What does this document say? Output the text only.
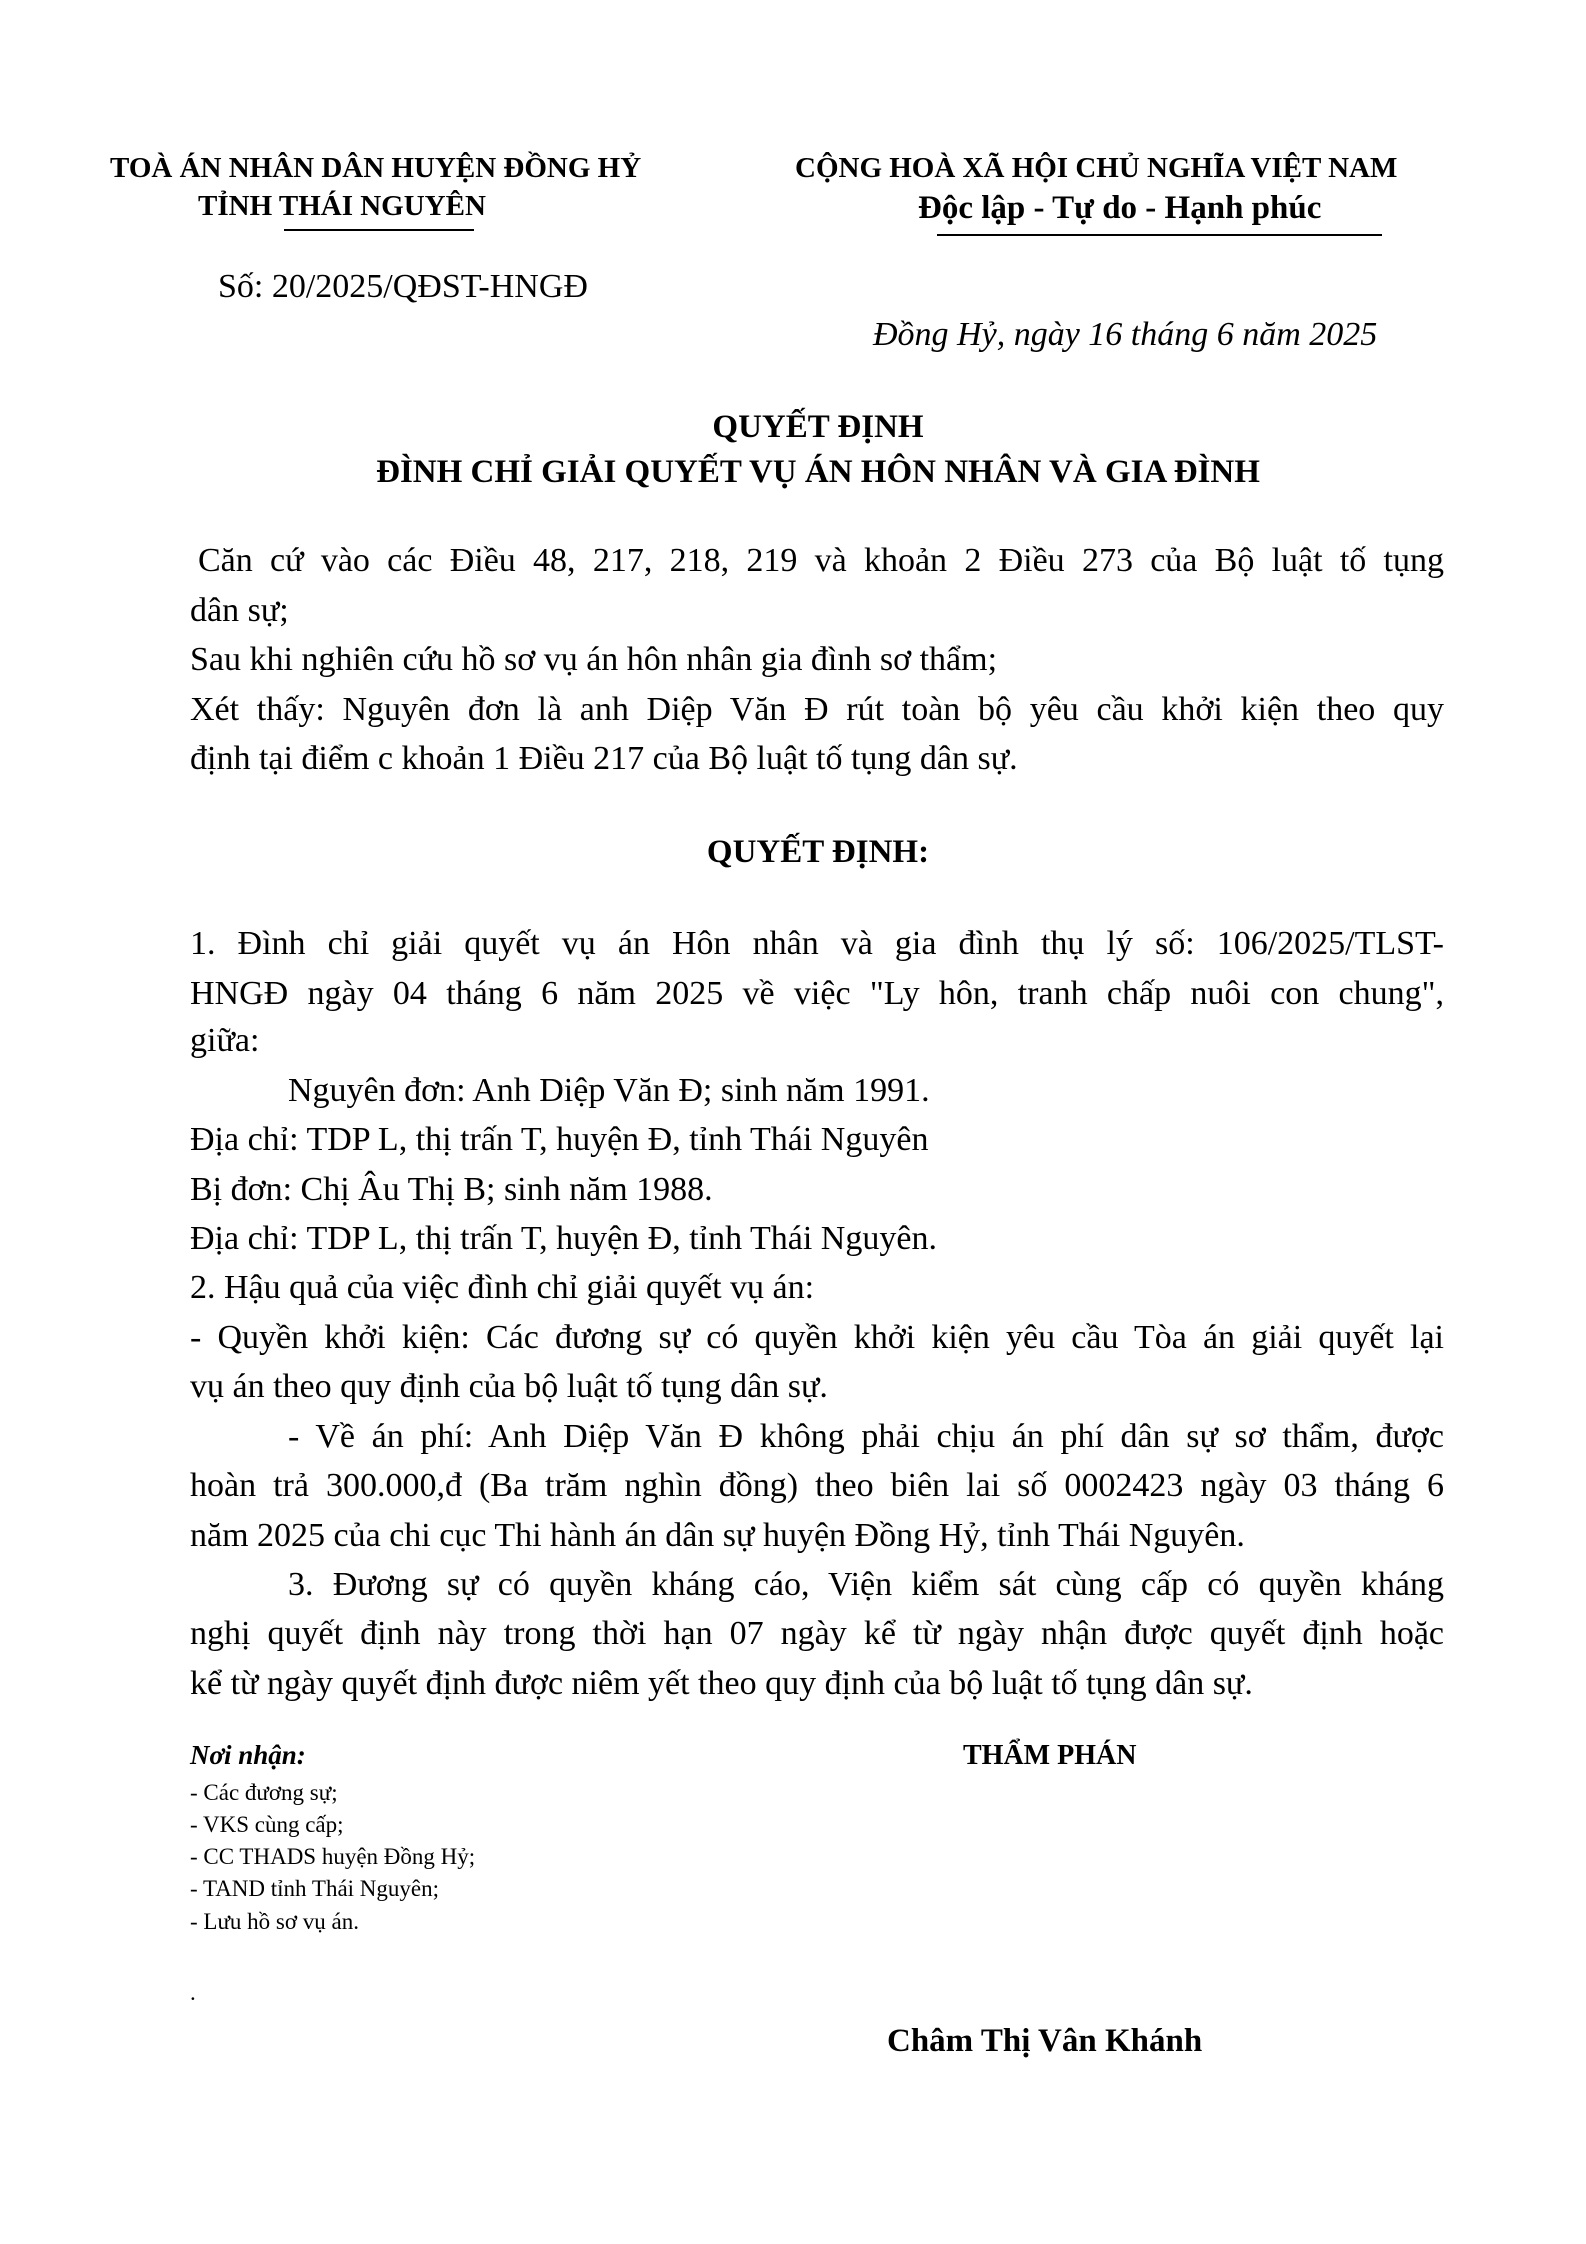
TOÀ ÁN NHÂN DÂN HUYỆN ĐỒNG HỶ
TỈNH THÁI NGUYÊN
CỘNG HOÀ XÃ HỘI CHỦ NGHĨA VIỆT NAM
Độc lập - Tự do - Hạnh phúc
Số: 20/2025/QĐST-HNGĐ
Đồng Hỷ, ngày 16 tháng 6 năm 2025
QUYẾT ĐỊNH
ĐÌNH CHỈ GIẢI QUYẾT VỤ ÁN HÔN NHÂN VÀ GIA ĐÌNH
Căn cứ vào các Điều 48, 217, 218, 219 và khoản 2 Điều 273 của Bộ luật tố tụng
dân sự;
Sau khi nghiên cứu hồ sơ vụ án hôn nhân gia đình sơ thẩm;
Xét thấy: Nguyên đơn là anh Diệp Văn Đ rút toàn bộ yêu cầu khởi kiện theo quy
định tại điểm c khoản 1 Điều 217 của Bộ luật tố tụng dân sự.
QUYẾT ĐỊNH:
1. Đình chỉ giải quyết vụ án Hôn nhân và gia đình thụ lý số: 106/2025/TLST-
HNGĐ ngày 04 tháng 6 năm 2025 về việc "Ly hôn, tranh chấp nuôi con chung",
giữa:
Nguyên đơn: Anh Diệp Văn Đ; sinh năm 1991.
Địa chỉ: TDP L, thị trấn T, huyện Đ, tỉnh Thái Nguyên
Bị đơn: Chị Âu Thị B; sinh năm 1988.
Địa chỉ: TDP L, thị trấn T, huyện Đ, tỉnh Thái Nguyên.
2. Hậu quả của việc đình chỉ giải quyết vụ án:
- Quyền khởi kiện: Các đương sự có quyền khởi kiện yêu cầu Tòa án giải quyết lại
vụ án theo quy định của bộ luật tố tụng dân sự.
- Về án phí: Anh Diệp Văn Đ không phải chịu án phí dân sự sơ thẩm, được
hoàn trả 300.000,đ (Ba trăm nghìn đồng) theo biên lai số 0002423 ngày 03 tháng 6
năm 2025 của chi cục Thi hành án dân sự huyện Đồng Hỷ, tỉnh Thái Nguyên.
3. Đương sự có quyền kháng cáo, Viện kiểm sát cùng cấp có quyền kháng
nghị quyết định này trong thời hạn 07 ngày kể từ ngày nhận được quyết định hoặc
kể từ ngày quyết định được niêm yết theo quy định của bộ luật tố tụng dân sự.
Nơi nhận:
- Các đương sự;
- VKS cùng cấp;
- CC THADS huyện Đồng Hỷ;
- TAND tỉnh Thái Nguyên;
- Lưu hồ sơ vụ án.
.
THẨM PHÁN
Châm Thị Vân Khánh
